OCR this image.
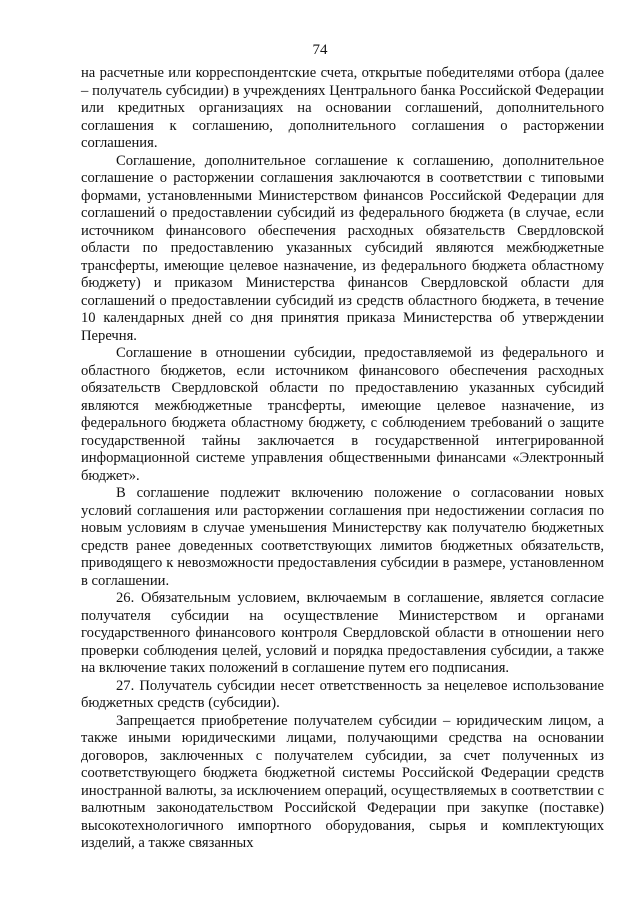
74

на расчетные или корреспондентские счета, открытые победителями отбора (далее – получатель субсидии) в учреждениях Центрального банка Российской Федерации или кредитных организациях на основании соглашений, дополнительного соглашения к соглашению, дополнительного соглашения о расторжении соглашения.

Соглашение, дополнительное соглашение к соглашению, дополнительное соглашение о расторжении соглашения заключаются в соответствии с типовыми формами, установленными Министерством финансов Российской Федерации для соглашений о предоставлении субсидий из федерального бюджета (в случае, если источником финансового обеспечения расходных обязательств Свердловской области по предоставлению указанных субсидий являются межбюджетные трансферты, имеющие целевое назначение, из федерального бюджета областному бюджету) и приказом Министерства финансов Свердловской области для соглашений о предоставлении субсидий из средств областного бюджета, в течение 10 календарных дней со дня принятия приказа Министерства об утверждении Перечня.

Соглашение в отношении субсидии, предоставляемой из федерального и областного бюджетов, если источником финансового обеспечения расходных обязательств Свердловской области по предоставлению указанных субсидий являются межбюджетные трансферты, имеющие целевое назначение, из федерального бюджета областному бюджету, с соблюдением требований о защите государственной тайны заключается в государственной интегрированной информационной системе управления общественными финансами «Электронный бюджет».

В соглашение подлежит включению положение о согласовании новых условий соглашения или расторжении соглашения при недостижении согласия по новым условиям в случае уменьшения Министерству как получателю бюджетных средств ранее доведенных соответствующих лимитов бюджетных обязательств, приводящего к невозможности предоставления субсидии в размере, установленном в соглашении.

26. Обязательным условием, включаемым в соглашение, является согласие получателя субсидии на осуществление Министерством и органами государственного финансового контроля Свердловской области в отношении него проверки соблюдения целей, условий и порядка предоставления субсидии, а также на включение таких положений в соглашение путем его подписания.

27. Получатель субсидии несет ответственность за нецелевое использование бюджетных средств (субсидии).

Запрещается приобретение получателем субсидии – юридическим лицом, а также иными юридическими лицами, получающими средства на основании договоров, заключенных с получателем субсидии, за счет полученных из соответствующего бюджета бюджетной системы Российской Федерации средств иностранной валюты, за исключением операций, осуществляемых в соответствии с валютным законодательством Российской Федерации при закупке (поставке) высокотехнологичного импортного оборудования, сырья и комплектующих изделий, а также связанных
